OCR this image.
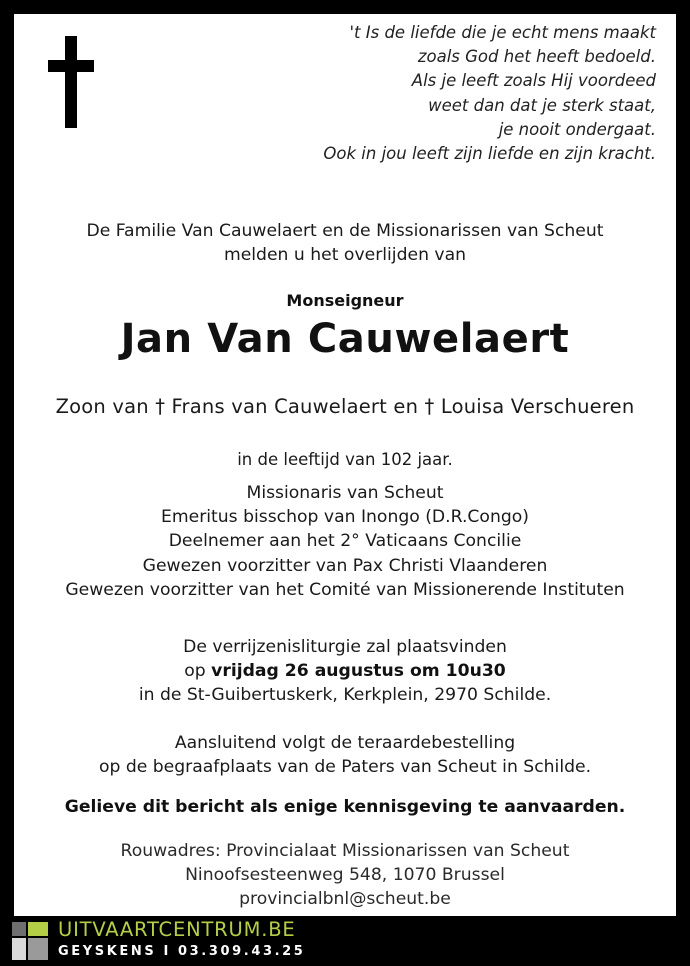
't Is de liefde die je echt mens maakt
zoals God het heeft bedoeld.
Als je leeft zoals Hij voordeed
weet dan dat je sterk staat,
je nooit ondergaat.
Ook in jou leeft zijn liefde en zijn kracht.
De Familie Van Cauwelaert en de Missionarissen van Scheut
melden u het overlijden van
Monseigneur
Jan Van Cauwelaert
Zoon van † Frans van Cauwelaert en † Louisa Verschueren
in de leeftijd van 102 jaar.
Missionaris van Scheut
Emeritus bisschop van Inongo (D.R.Congo)
Deelnemer aan het 2° Vaticaans Concilie
Gewezen voorzitter van Pax Christi Vlaanderen
Gewezen voorzitter van het Comité van Missionerende Instituten
De verrijzenisliturgie zal plaatsvinden
op vrijdag 26 augustus om 10u30
in de St-Guibertuskerk, Kerkplein, 2970 Schilde.
Aansluitend volgt de teraardebestelling
op de begraafplaats van de Paters van Scheut in Schilde.
Gelieve dit bericht als enige kennisgeving te aanvaarden.
Rouwadres: Provincialaat Missionarissen van Scheut
Ninoofsesteenweg 548, 1070 Brussel
provincialbnl@scheut.be
UITVAARTCENTRUM.BE
GEYSKENS I 03.309.43.25
